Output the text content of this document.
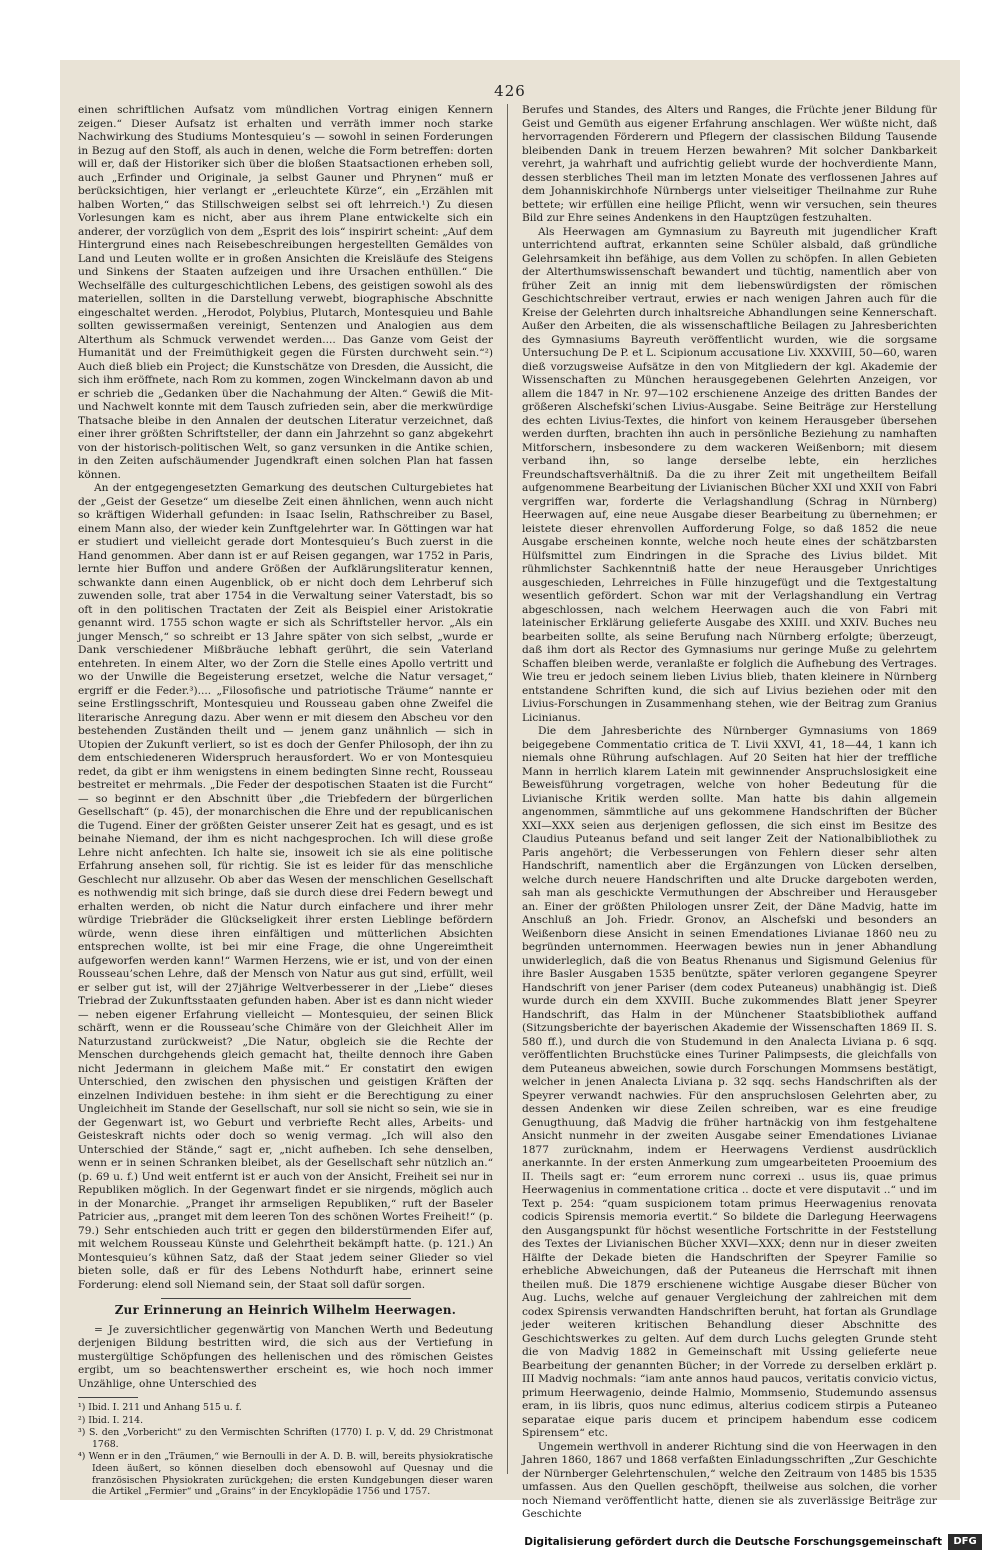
426

einen schriftlichen Aufsatz vom mündlichen Vortrag einigen Kennern zeigen.“ Dieser Aufsatz ist erhalten und verräth immer noch starke Nachwirkung des Studiums Montesquieu’s — sowohl in seinen Forderungen in Bezug auf den Stoff, als auch in denen, welche die Form betreffen: dorten will er, daß der Historiker sich über die bloßen Staatsactionen erheben soll, auch „Erfinder und Originale, ja selbst Gauner und Phrynen“ muß er berücksichtigen, hier verlangt er „erleuchtete Kürze“, ein „Erzählen mit halben Worten,“ das Stillschweigen selbst sei oft lehrreich.¹) Zu diesen Vorlesungen kam es nicht, aber aus ihrem Plane entwickelte sich ein anderer, der vorzüglich von dem „Esprit des lois“ inspirirt scheint: „Auf dem Hintergrund eines nach Reisebeschreibungen hergestellten Gemäldes von Land und Leuten wollte er in großen Ansichten die Kreisläufe des Steigens und Sinkens der Staaten aufzeigen und ihre Ursachen enthüllen.“ Die Wechselfälle des culturgeschichtlichen Lebens, des geistigen sowohl als des materiellen, sollten in die Darstellung verwebt, biographische Abschnitte eingeschaltet werden. „Herodot, Polybius, Plutarch, Montesquieu und Bahle sollten gewissermaßen vereinigt, Sentenzen und Analogien aus dem Alterthum als Schmuck verwendet werden.... Das Ganze vom Geist der Humanität und der Freimüthigkeit gegen die Fürsten durchweht sein.“²) Auch dieß blieb ein Project; die Kunstschätze von Dresden, die Aussicht, die sich ihm eröffnete, nach Rom zu kommen, zogen Winckelmann davon ab und er schrieb die „Gedanken über die Nachahmung der Alten.“ Gewiß die Mit- und Nachwelt konnte mit dem Tausch zufrieden sein, aber die merkwürdige Thatsache bleibe in den Annalen der deutschen Literatur verzeichnet, daß einer ihrer größten Schriftsteller, der dann ein Jahrzehnt so ganz abgekehrt von der historisch-politischen Welt, so ganz versunken in die Antike schien, in den Zeiten aufschäumender Jugendkraft einen solchen Plan hat fassen können.

An der entgegengesetzten Gemarkung des deutschen Culturgebietes hat der „Geist der Gesetze“ um dieselbe Zeit einen ähnlichen, wenn auch nicht so kräftigen Widerhall gefunden: in Isaac Iselin, Rathschreiber zu Basel, einem Mann also, der wieder kein Zunftgelehrter war. In Göttingen war hat er studiert und vielleicht gerade dort Montesquieu’s Buch zuerst in die Hand genommen. Aber dann ist er auf Reisen gegangen, war 1752 in Paris, lernte hier Buffon und andere Größen der Aufklärungsliteratur kennen, schwankte dann einen Augenblick, ob er nicht doch dem Lehrberuf sich zuwenden solle, trat aber 1754 in die Verwaltung seiner Vaterstadt, bis so oft in den politischen Tractaten der Zeit als Beispiel einer Aristokratie genannt wird. 1755 schon wagte er sich als Schriftsteller hervor. „Als ein junger Mensch,“ so schreibt er 13 Jahre später von sich selbst, „wurde er Dank verschiedener Mißbräuche lebhaft gerührt, die sein Vaterland entehreten. In einem Alter, wo der Zorn die Stelle eines Apollo vertritt und wo der Unwille die Begeisterung ersetzet, welche die Natur versaget,“ ergriff er die Feder.³).... „Filosofische und patriotische Träume“ nannte er seine Erstlingsschrift, Montesquieu und Rousseau gaben ohne Zweifel die literarische Anregung dazu. Aber wenn er mit diesem den Abscheu vor den bestehenden Zuständen theilt und — jenem ganz unähnlich — sich in Utopien der Zukunft verliert, so ist es doch der Genfer Philosoph, der ihn zu dem entschiedeneren Widerspruch herausfordert. Wo er von Montesquieu redet, da gibt er ihm wenigstens in einem bedingten Sinne recht, Rousseau bestreitet er mehrmals. „Die Feder der despotischen Staaten ist die Furcht“ — so beginnt er den Abschnitt über „die Triebfedern der bürgerlichen Gesellschaft“ (p. 45), der monarchischen die Ehre und der republicanischen die Tugend. Einer der größten Geister unserer Zeit hat es gesagt, und es ist beinahe Niemand, der ihm es nicht nachgesprochen. Ich will diese große Lehre nicht anfechten. Ich halte sie, insoweit ich sie als eine politische Erfahrung ansehen soll, für richtig. Sie ist es leider für das menschliche Geschlecht nur allzusehr. Ob aber das Wesen der menschlichen Gesellschaft es nothwendig mit sich bringe, daß sie durch diese drei Federn bewegt und erhalten werden, ob nicht die Natur durch einfachere und ihrer mehr würdige Triebräder die Glückseligkeit ihrer ersten Lieblinge befördern würde, wenn diese ihren einfältigen und mütterlichen Absichten entsprechen wollte, ist bei mir eine Frage, die ohne Ungereimtheit aufgeworfen werden kann!“ Warmen Herzens, wie er ist, und von der einen Rousseau’schen Lehre, daß der Mensch von Natur aus gut sind, erfüllt, weil er selber gut ist, will der 27jährige Weltverbesserer in der „Liebe“ dieses Triebrad der Zukunftsstaaten gefunden haben. Aber ist es dann nicht wieder — neben eigener Erfahrung vielleicht — Montesquieu, der seinen Blick schärft, wenn er die Rousseau’sche Chimäre von der Gleichheit Aller im Naturzustand zurückweist? „Die Natur, obgleich sie die Rechte der Menschen durchgehends gleich gemacht hat, theilte dennoch ihre Gaben nicht Jedermann in gleichem Maße mit.“ Er constatirt den ewigen Unterschied, den zwischen den physischen und geistigen Kräften der einzelnen Individuen bestehe: in ihm sieht er die Berechtigung zu einer Ungleichheit im Stande der Gesellschaft, nur soll sie nicht so sein, wie sie in der Gegenwart ist, wo Geburt und verbriefte Recht alles, Arbeits- und Geisteskraft nichts oder doch so wenig vermag. „Ich will also den Unterschied der Stände,“ sagt er, „nicht aufheben. Ich sehe denselben, wenn er in seinen Schranken bleibet, als der Gesellschaft sehr nützlich an.“ (p. 69 u. f.) Und weit entfernt ist er auch von der Ansicht, Freiheit sei nur in Republiken möglich. In der Gegenwart findet er sie nirgends, möglich auch in der Monarchie. „Pranget ihr armseligen Republiken,“ ruft der Baseler Patricier aus, „pranget mit dem leeren Ton des schönen Wortes Freiheit!“ (p. 79.) Sehr entschieden auch tritt er gegen den bilderstürmenden Eifer auf, mit welchem Rousseau Künste und Gelehrtheit bekämpft hatte. (p. 121.) An Montesquieu’s kühnen Satz, daß der Staat jedem seiner Glieder so viel bieten solle, daß er für des Lebens Nothdurft habe, erinnert seine Forderung: elend soll Niemand sein, der Staat soll dafür sorgen.

Zur Erinnerung an Heinrich Wilhelm Heerwagen.

= Je zuversichtlicher gegenwärtig von Manchen Werth und Bedeutung derjenigen Bildung bestritten wird, die sich aus der Vertiefung in mustergültige Schöpfungen des hellenischen und des römischen Geistes ergibt, um so beachtenswerther erscheint es, wie hoch noch immer Unzählige, ohne Unterschied des

¹) Ibid. I. 211 und Anhang 515 u. f.
²) Ibid. I. 214.
³) S. den „Vorbericht“ zu den Vermischten Schriften (1770) I. p. V, dd. 29 Christmonat 1768.
⁴) Wenn er in den „Träumen,“ wie Bernoulli in der A. D. B. will, bereits physiokratische Ideen äußert, so können dieselben doch ebensowohl auf Quesnay und die französischen Physiokraten zurückgehen; die ersten Kundgebungen dieser waren die Artikel „Fermier“ und „Grains“ in der Encyklopädie 1756 und 1757.

Berufes und Standes, des Alters und Ranges, die Früchte jener Bildung für Geist und Gemüth aus eigener Erfahrung anschlagen. Wer wüßte nicht, daß hervorragenden Förderern und Pflegern der classischen Bildung Tausende bleibenden Dank in treuem Herzen bewahren? Mit solcher Dankbarkeit verehrt, ja wahrhaft und aufrichtig geliebt wurde der hochverdiente Mann, dessen sterbliches Theil man im letzten Monate des verflossenen Jahres auf dem Johanniskirchhofe Nürnbergs unter vielseitiger Theilnahme zur Ruhe bettete; wir erfüllen eine heilige Pflicht, wenn wir versuchen, sein theures Bild zur Ehre seines Andenkens in den Hauptzügen festzuhalten.

Als Heerwagen am Gymnasium zu Bayreuth mit jugendlicher Kraft unterrichtend auftrat, erkannten seine Schüler alsbald, daß gründliche Gelehrsamkeit ihn befähige, aus dem Vollen zu schöpfen. In allen Gebieten der Alterthumswissenschaft bewandert und tüchtig, namentlich aber von früher Zeit an innig mit dem liebenswürdigsten der römischen Geschichtschreiber vertraut, erwies er nach wenigen Jahren auch für die Kreise der Gelehrten durch inhaltsreiche Abhandlungen seine Kennerschaft. Außer den Arbeiten, die als wissenschaftliche Beilagen zu Jahresberichten des Gymnasiums Bayreuth veröffentlicht wurden, wie die sorgsame Untersuchung De P. et L. Scipionum accusatione Liv. XXXVIII, 50—60, waren dieß vorzugsweise Aufsätze in den von Mitgliedern der kgl. Akademie der Wissenschaften zu München herausgegebenen Gelehrten Anzeigen, vor allem die 1847 in Nr. 97—102 erschienene Anzeige des dritten Bandes der größeren Alschefski’schen Livius-Ausgabe. Seine Beiträge zur Herstellung des echten Livius-Textes, die hinfort von keinem Herausgeber übersehen werden durften, brachten ihn auch in persönliche Beziehung zu namhaften Mitforschern, insbesondere zu dem wackeren Weißenborn; mit diesem verband ihn, so lange derselbe lebte, ein herzliches Freundschaftsverhältniß. Da die zu ihrer Zeit mit ungetheiltem Beifall aufgenommene Bearbeitung der Livianischen Bücher XXI und XXII von Fabri vergriffen war, forderte die Verlagshandlung (Schrag in Nürnberg) Heerwagen auf, eine neue Ausgabe dieser Bearbeitung zu übernehmen; er leistete dieser ehrenvollen Aufforderung Folge, so daß 1852 die neue Ausgabe erscheinen konnte, welche noch heute eines der schätzbarsten Hülfsmittel zum Eindringen in die Sprache des Livius bildet. Mit rühmlichster Sachkenntniß hatte der neue Herausgeber Unrichtiges ausgeschieden, Lehrreiches in Fülle hinzugefügt und die Textgestaltung wesentlich gefördert. Schon war mit der Verlagshandlung ein Vertrag abgeschlossen, nach welchem Heerwagen auch die von Fabri mit lateinischer Erklärung gelieferte Ausgabe des XXIII. und XXIV. Buches neu bearbeiten sollte, als seine Berufung nach Nürnberg erfolgte; überzeugt, daß ihm dort als Rector des Gymnasiums nur geringe Muße zu gelehrtem Schaffen bleiben werde, veranlaßte er folglich die Aufhebung des Vertrages. Wie treu er jedoch seinem lieben Livius blieb, thaten kleinere in Nürnberg entstandene Schriften kund, die sich auf Livius beziehen oder mit den Livius-Forschungen in Zusammenhang stehen, wie der Beitrag zum Granius Licinianus.

Die dem Jahresberichte des Nürnberger Gymnasiums von 1869 beigegebene Commentatio critica de T. Livii XXVI, 41, 18—44, 1 kann ich niemals ohne Rührung aufschlagen. Auf 20 Seiten hat hier der treffliche Mann in herrlich klarem Latein mit gewinnender Anspruchslosigkeit eine Beweisführung vorgetragen, welche von hoher Bedeutung für die Livianische Kritik werden sollte. Man hatte bis dahin allgemein angenommen, sämmtliche auf uns gekommene Handschriften der Bücher XXI—XXX seien aus derjenigen geflossen, die sich einst im Besitze des Claudius Puteanus befand und seit langer Zeit der Nationalbibliothek zu Paris angehört; die Verbesserungen von Fehlern dieser sehr alten Handschrift, namentlich aber die Ergänzungen von Lücken derselben, welche durch neuere Handschriften und alte Drucke dargeboten werden, sah man als geschickte Vermuthungen der Abschreiber und Herausgeber an. Einer der größten Philologen unsrer Zeit, der Däne Madvig, hatte im Anschluß an Joh. Friedr. Gronov, an Alschefski und besonders an Weißenborn diese Ansicht in seinen Emendationes Livianae 1860 neu zu begründen unternommen. Heerwagen bewies nun in jener Abhandlung unwiderleglich, daß die von Beatus Rhenanus und Sigismund Gelenius für ihre Basler Ausgaben 1535 benützte, später verloren gegangene Speyrer Handschrift von jener Pariser (dem codex Puteaneus) unabhängig ist. Dieß wurde durch ein dem XXVIII. Buche zukommendes Blatt jener Speyrer Handschrift, das Halm in der Münchener Staatsbibliothek auffand (Sitzungsberichte der bayerischen Akademie der Wissenschaften 1869 II. S. 580 ff.), und durch die von Studemund in den Analecta Liviana p. 6 sqq. veröffentlichten Bruchstücke eines Turiner Palimpsests, die gleichfalls von dem Puteaneus abweichen, sowie durch Forschungen Mommsens bestätigt, welcher in jenen Analecta Liviana p. 32 sqq. sechs Handschriften als der Speyrer verwandt nachwies. Für den anspruchslosen Gelehrten aber, zu dessen Andenken wir diese Zeilen schreiben, war es eine freudige Genugthuung, daß Madvig die früher hartnäckig von ihm festgehaltene Ansicht nunmehr in der zweiten Ausgabe seiner Emendationes Livianae 1877 zurücknahm, indem er Heerwagens Verdienst ausdrücklich anerkannte. In der ersten Anmerkung zum umgearbeiteten Prooemium des II. Theils sagt er: “eum errorem nunc correxi .. usus iis, quae primus Heerwagenius in commentatione critica .. docte et vere disputavit ..“ und im Text p. 254: “quam suspicionem totam primus Heerwagenius renovata codicis Spirensis memoria evertit.“ So bildete die Darlegung Heerwagens den Ausgangspunkt für höchst wesentliche Fortschritte in der Feststellung des Textes der Livianischen Bücher XXVI—XXX; denn nur in dieser zweiten Hälfte der Dekade bieten die Handschriften der Speyrer Familie so erhebliche Abweichungen, daß der Puteaneus die Herrschaft mit ihnen theilen muß. Die 1879 erschienene wichtige Ausgabe dieser Bücher von Aug. Luchs, welche auf genauer Vergleichung der zahlreichen mit dem codex Spirensis verwandten Handschriften beruht, hat fortan als Grundlage jeder weiteren kritischen Behandlung dieser Abschnitte des Geschichtswerkes zu gelten. Auf dem durch Luchs gelegten Grunde steht die von Madvig 1882 in Gemeinschaft mit Ussing gelieferte neue Bearbeitung der genannten Bücher; in der Vorrede zu derselben erklärt p. III Madvig nochmals: “iam ante annos haud paucos, veritatis convicio victus, primum Heerwagenio, deinde Halmio, Mommsenio, Studemundo assensus eram, in iis libris, quos nunc edimus, alterius codicem stirpis a Puteaneo separatae eique paris ducem et principem habendum esse codicem Spirensem“ etc.

Ungemein werthvoll in anderer Richtung sind die von Heerwagen in den Jahren 1860, 1867 und 1868 verfaßten Einladungsschriften „Zur Geschichte der Nürnberger Gelehrtenschulen,“ welche den Zeitraum von 1485 bis 1535 umfassen. Aus den Quellen geschöpft, theilweise aus solchen, die vorher noch Niemand veröffentlicht hatte, dienen sie als zuverlässige Beiträge zur Geschichte

Digitalisierung gefördert durch die Deutsche Forschungsgemeinschaft	DFG
